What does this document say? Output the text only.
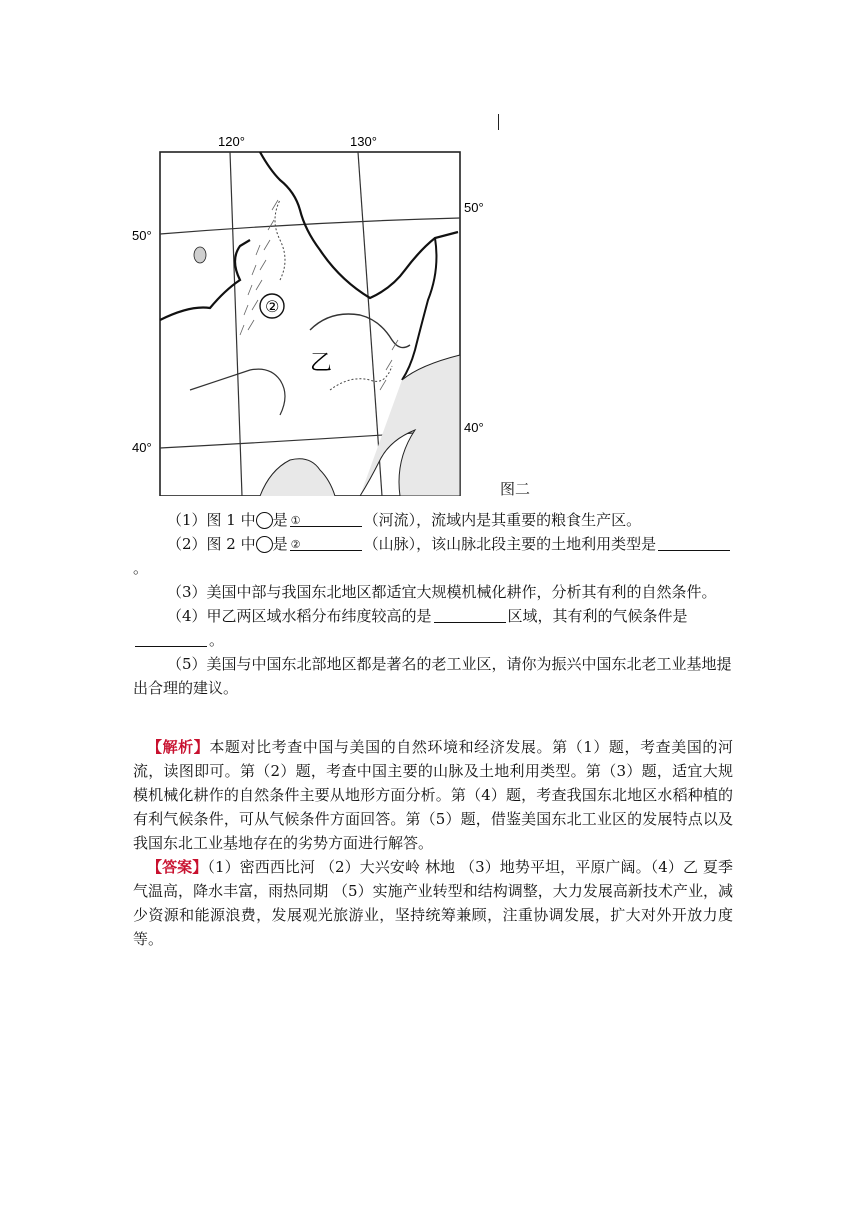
120°	130°
50°
50°
40°
40°
②
乙
图二

（1）图 1 中	①是	（河流），流域内是其重要的粮食生产区。

（2）图 2 中	②是	（山脉），该山脉北段主要的土地利用类型是。

（3）美国中部与我国东北地区都适宜大规模机械化耕作，分析其有利的自然条件。

（4）甲乙两区域水稻分布纬度较高的是	区域，其有利的气候条件是。

（5）美国与中国东北部地区都是著名的老工业区，请你为振兴中国东北老工业基地提出合理的建议。

【解析】本题对比考查中国与美国的自然环境和经济发展。第（1）题，考查美国的河流，读图即可。第（2）题，考查中国主要的山脉及土地利用类型。第（3）题，适宜大规模机械化耕作的自然条件主要从地形方面分析。第（4）题，考查我国东北地区水稻种植的有利气候条件，可从气候条件方面回答。第（5）题，借鉴美国东北工业区的发展特点以及我国东北工业基地存在的劣势方面进行解答。

【答案】（1）密西西比河 （2）大兴安岭 林地 （3）地势平坦，平原广阔。（4）乙 夏季气温高，降水丰富，雨热同期 （5）实施产业转型和结构调整，大力发展高新技术产业，减少资源和能源浪费，发展观光旅游业，坚持统筹兼顾，注重协调发展，扩大对外开放力度等。
